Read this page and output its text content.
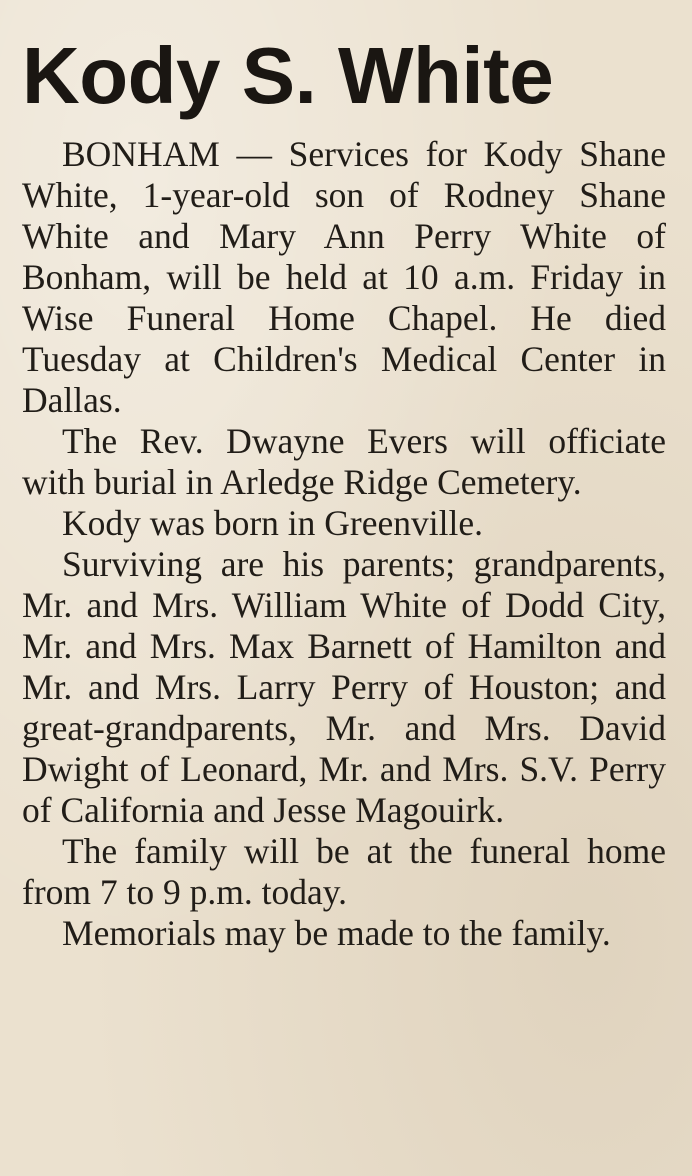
Kody S. White

BONHAM — Services for Kody Shane White, 1-year-old son of Rodney Shane White and Mary Ann Perry White of Bonham, will be held at 10 a.m. Friday in Wise Funeral Home Chapel. He died Tuesday at Children's Medical Center in Dallas.

The Rev. Dwayne Evers will officiate with burial in Arledge Ridge Cemetery.

Kody was born in Greenville.

Surviving are his parents; grandparents, Mr. and Mrs. William White of Dodd City, Mr. and Mrs. Max Barnett of Hamilton and Mr. and Mrs. Larry Perry of Houston; and great-grandparents, Mr. and Mrs. David Dwight of Leonard, Mr. and Mrs. S.V. Perry of California and Jesse Magouirk.

The family will be at the funeral home from 7 to 9 p.m. today.

Memorials may be made to the family.
